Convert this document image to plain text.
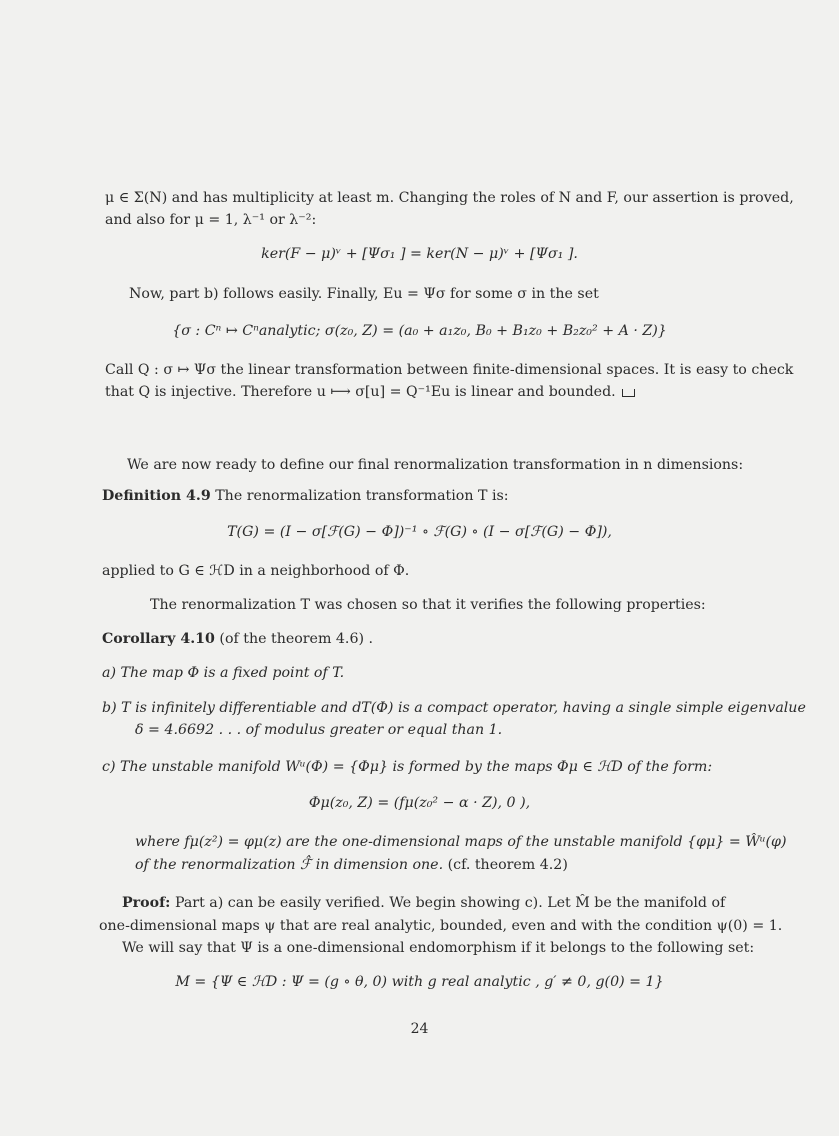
μ ∈ Σ(N) and has multiplicity at least m. Changing the roles of N and F, our assertion is proved,
and also for μ = 1, λ⁻¹ or λ⁻²:
ker(F − μ)ᵛ + [Ψσ₁ ] = ker(N − μ)ᵛ + [Ψσ₁ ].
Now, part b) follows easily. Finally, Eu = Ψσ for some σ in the set
{σ : Cⁿ ↦ Cⁿanalytic; σ(z₀, Z) = (a₀ + a₁z₀, B₀ + B₁z₀ + B₂z₀² + A · Z)}
Call Q : σ ↦ Ψσ the linear transformation between finite-dimensional spaces. It is easy to check
that Q is injective. Therefore u ⟼ σ[u] = Q⁻¹Eu is linear and bounded.
We are now ready to define our final renormalization transformation in n dimensions:
Definition 4.9 The renormalization transformation T is:
T(G) = (I − σ[ℱ(G) − Φ])⁻¹ ∘ ℱ(G) ∘ (I − σ[ℱ(G) − Φ]),
applied to G ∈ ℋD in a neighborhood of Φ.
The renormalization T was chosen so that it verifies the following properties:
Corollary 4.10 (of the theorem 4.6) .
a) The map Φ is a fixed point of T.
b) T is infinitely differentiable and dT(Φ) is a compact operator, having a single simple eigenvalue
δ = 4.6692 . . . of modulus greater or equal than 1.
c) The unstable manifold Wᵘ(Φ) = {Φμ} is formed by the maps Φμ ∈ ℋD of the form:
Φμ(z₀, Z) = (fμ(z₀² − α · Z), 0 ),
where fμ(z²) = φμ(z) are the one-dimensional maps of the unstable manifold {φμ} = Ŵᵘ(φ)
of the renormalization ℱ̂ in dimension one. (cf. theorem 4.2)
Proof: Part a) can be easily verified. We begin showing c). Let M̂ be the manifold of
one-dimensional maps ψ that are real analytic, bounded, even and with the condition ψ(0) = 1.
We will say that Ψ is a one-dimensional endomorphism if it belongs to the following set:
M = {Ψ ∈ ℋD : Ψ = (g ∘ θ, 0) with g real analytic , g′ ≠ 0, g(0) = 1}
24
